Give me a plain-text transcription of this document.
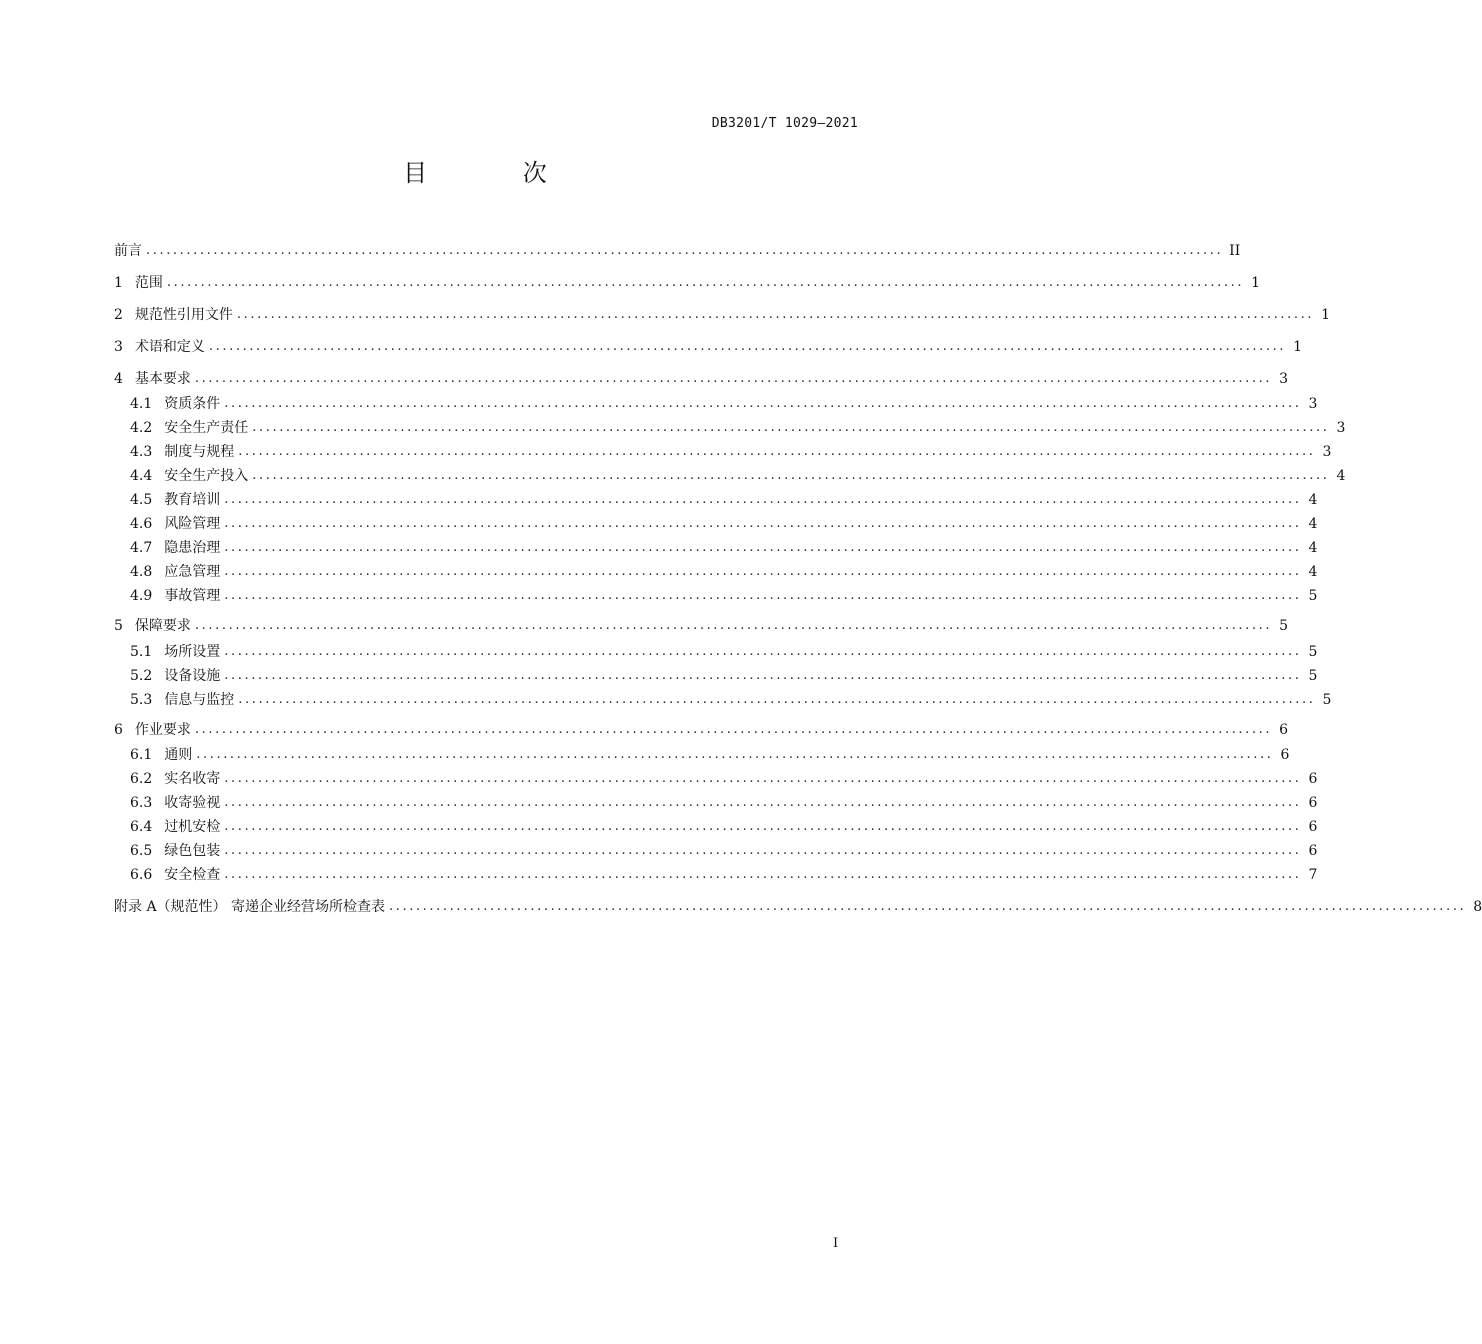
DB3201/T 1029—2021
目 次
前言 ................................................................................................................................................................ II
1 范围 ................................................................................................................................................................ 1
2 规范性引用文件 ................................................................................................................................................................ 1
3 术语和定义 ................................................................................................................................................................ 1
4 基本要求 ................................................................................................................................................................ 3
4.1 资质条件 ................................................................................................................................................................ 3
4.2 安全生产责任 ................................................................................................................................................................ 3
4.3 制度与规程 ................................................................................................................................................................ 3
4.4 安全生产投入 ................................................................................................................................................................ 4
4.5 教育培训 ................................................................................................................................................................ 4
4.6 风险管理 ................................................................................................................................................................ 4
4.7 隐患治理 ................................................................................................................................................................ 4
4.8 应急管理 ................................................................................................................................................................ 4
4.9 事故管理 ................................................................................................................................................................ 5
5 保障要求 ................................................................................................................................................................ 5
5.1 场所设置 ................................................................................................................................................................ 5
5.2 设备设施 ................................................................................................................................................................ 5
5.3 信息与监控 ................................................................................................................................................................ 5
6 作业要求 ................................................................................................................................................................ 6
6.1 通则 ................................................................................................................................................................ 6
6.2 实名收寄 ................................................................................................................................................................ 6
6.3 收寄验视 ................................................................................................................................................................ 6
6.4 过机安检 ................................................................................................................................................................ 6
6.5 绿色包装 ................................................................................................................................................................ 6
6.6 安全检查 ................................................................................................................................................................ 7
附录 A（规范性） 寄递企业经营场所检查表 ................................................................................................................................................................ 8
I
